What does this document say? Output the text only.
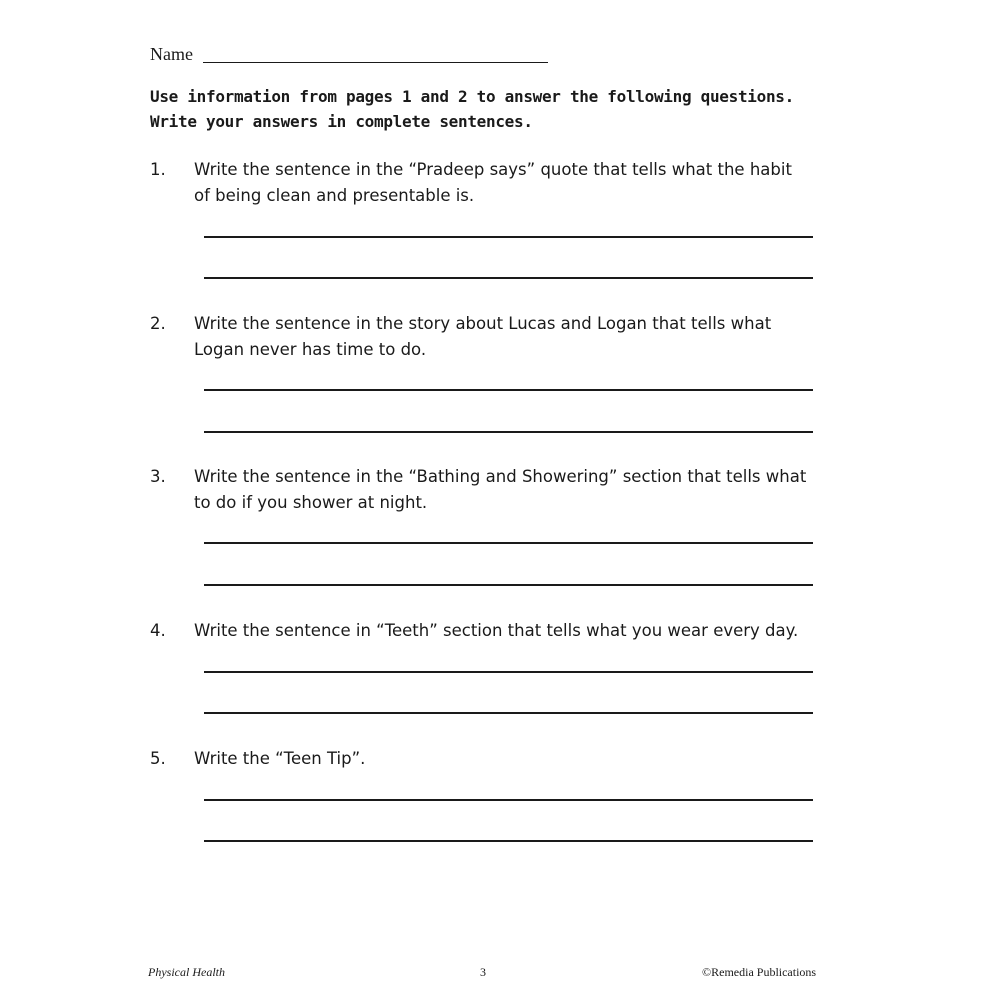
Name
Use information from pages 1 and 2 to answer the following questions.
Write your answers in complete sentences.
1. Write the sentence in the “Pradeep says” quote that tells what the habit
of being clean and presentable is.
2. Write the sentence in the story about Lucas and Logan that tells what
Logan never has time to do.
3. Write the sentence in the “Bathing and Showering” section that tells what
to do if you shower at night.
4. Write the sentence in “Teeth” section that tells what you wear every day.
5. Write the “Teen Tip”.
Physical Health	3	©Remedia Publications
